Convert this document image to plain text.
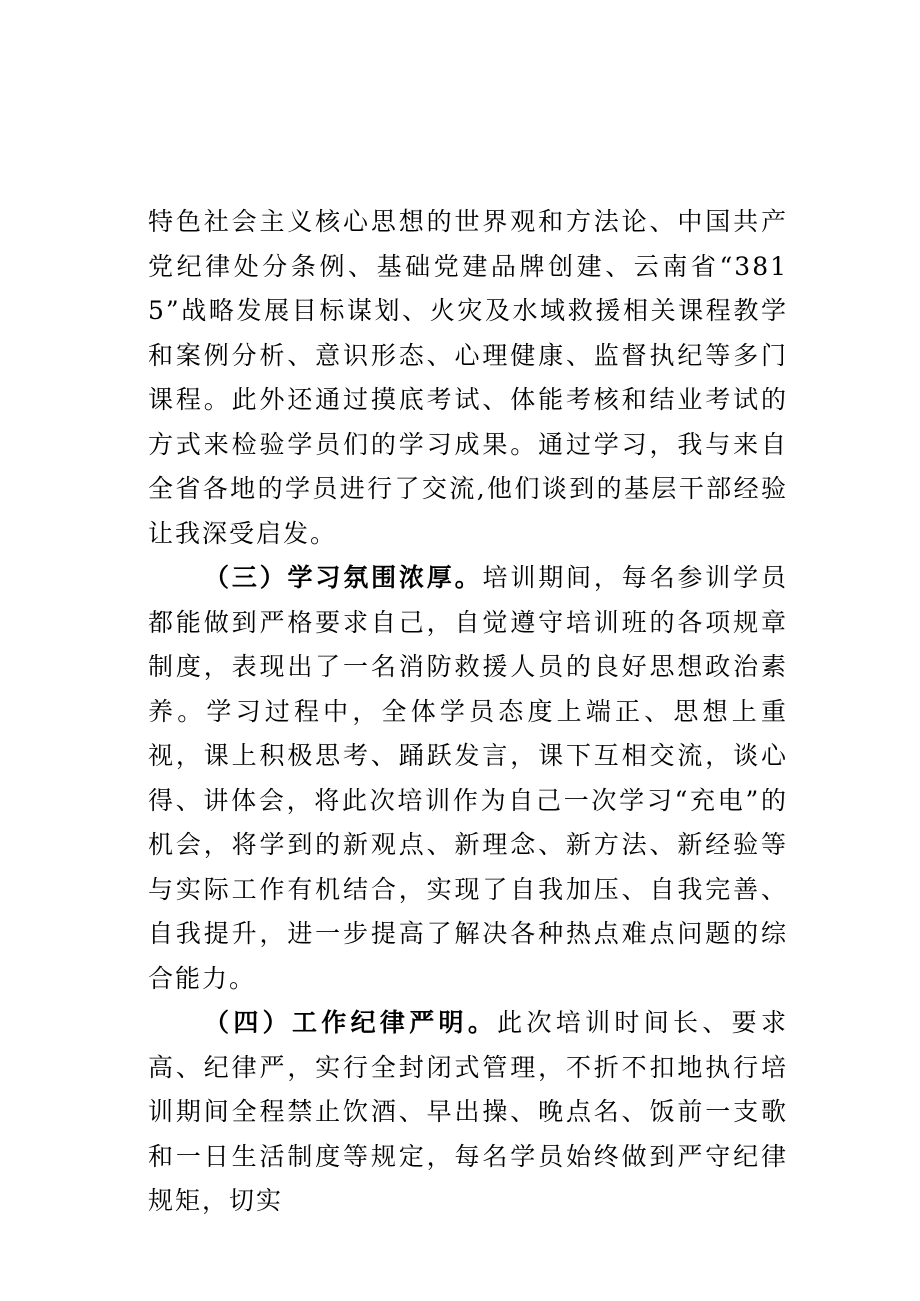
特色社会主义核心思想的世界观和方法论、中国共产党纪律处分条例、基础党建品牌创建、云南省“3815”战略发展目标谋划、火灾及水域救援相关课程教学和案例分析、意识形态、心理健康、监督执纪等多门课程。此外还通过摸底考试、体能考核和结业考试的方式来检验学员们的学习成果。通过学习，我与来自全省各地的学员进行了交流,他们谈到的基层干部经验让我深受启发。

（三）学习氛围浓厚。培训期间，每名参训学员都能做到严格要求自己，自觉遵守培训班的各项规章制度，表现出了一名消防救援人员的良好思想政治素养。学习过程中，全体学员态度上端正、思想上重视，课上积极思考、踊跃发言，课下互相交流，谈心得、讲体会，将此次培训作为自己一次学习“充电”的机会，将学到的新观点、新理念、新方法、新经验等与实际工作有机结合，实现了自我加压、自我完善、自我提升，进一步提高了解决各种热点难点问题的综合能力。

（四）工作纪律严明。此次培训时间长、要求高、纪律严，实行全封闭式管理，不折不扣地执行培训期间全程禁止饮酒、早出操、晚点名、饭前一支歌和一日生活制度等规定，每名学员始终做到严守纪律规矩，切实
